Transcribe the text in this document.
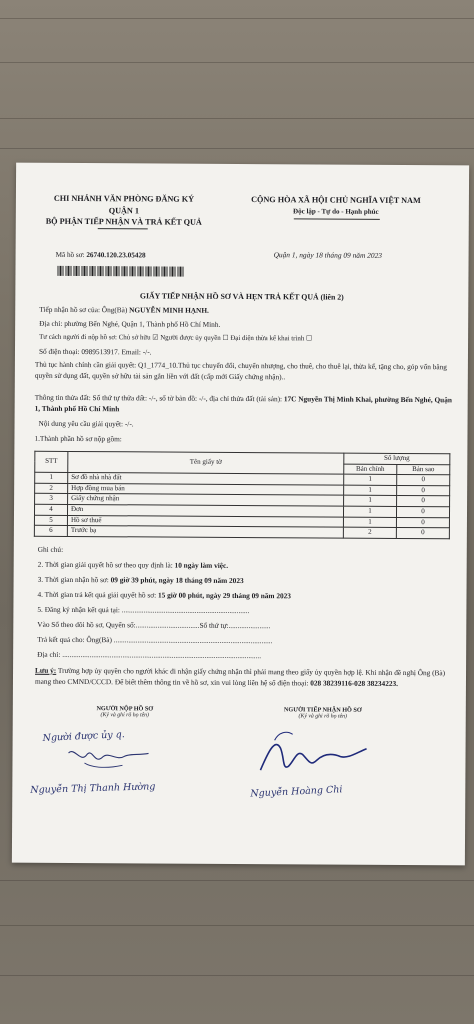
CHI NHÁNH VĂN PHÒNG ĐĂNG KÝ
QUẬN 1
BỘ PHẬN TIẾP NHẬN VÀ TRẢ KẾT QUẢ
CỘNG HÒA XÃ HỘI CHỦ NGHĨA VIỆT NAM
Độc lập - Tự do - Hạnh phúc
Mã hồ sơ: 26740.120.23.05428	Quận 1, ngày 18 tháng 09 năm 2023
GIẤY TIẾP NHẬN HỒ SƠ VÀ HẸN TRẢ KẾT QUẢ (liên 2)
Tiếp nhận hồ sơ của: Ông(Bà) NGUYỄN MINH HẠNH.
Địa chỉ: phường Bến Nghé, Quận 1, Thành phố Hồ Chí Minh.
Tư cách người đi nộp hồ sơ: Chủ sở hữu ☑ Người được ủy quyền ☐ Đại diện thừa kế khai trình ☐
Số điện thoại: 0989513917. Email: -/-.
Thủ tục hành chính cần giải quyết: Q1_1774_10.Thủ tục chuyển đổi, chuyển nhượng, cho thuê, cho thuê lại, thừa kế, tặng cho, góp vốn bằng quyền sử dụng đất, quyền sở hữu tài sản gắn liền với đất (cấp mới Giấy chứng nhận)..
Thông tin thửa đất: Số thứ tự thửa đất: -/-, số tờ bản đồ: -/-, địa chỉ thửa đất (tài sản): 17C Nguyễn Thị Minh Khai, phường Bến Nghé, Quận 1, Thành phố Hồ Chí Minh
Nội dung yêu cầu giải quyết: -/-.
1.Thành phần hồ sơ nộp gồm:
STT	Tên giấy tờ	Số lượng	
		Bản chính	Bản sao
1	Sơ đồ nhà nhà đất	1	0
2	Hợp đồng mua bán	1	0
3	Giấy chứng nhận	1	0
4	Đơn	1	0
5	Hồ sơ thuế	1	0
6	Trước bạ	2	0
Ghi chú:
2. Thời gian giải quyết hồ sơ theo quy định là: 10 ngày làm việc.
3. Thời gian nhận hồ sơ: 09 giờ 39 phút, ngày 18 tháng 09 năm 2023
4. Thời gian trả kết quả giải quyết hồ sơ: 15 giờ 00 phút, ngày 29 tháng 09 năm 2023
5. Đăng ký nhận kết quả tại: ......................................................................
Vào Sổ theo dõi hồ sơ, Quyển số:...................................Số thứ tự:.......................
Trả kết quả cho: Ông(Bà) .......................................................................................
Địa chỉ: .............................................................................................................
Lưu ý: Trường hợp ủy quyền cho người khác đi nhận giấy chứng nhận thì phải mang theo giấy ủy quyền hợp lệ. Khi nhận đề nghị Ông (Bà) mang theo CMND/CCCD. Để biết thêm thông tin về hồ sơ, xin vui lòng liên hệ số điện thoại: 028 38239116-028 38234223.
NGƯỜI NỘP HỒ SƠ
(Ký và ghi rõ họ tên)
NGƯỜI TIẾP NHẬN HỒ SƠ
(Ký và ghi rõ họ tên)
Người được ủy q.
Nguyễn Thị Thanh Hường	Nguyễn Hoàng Chi
